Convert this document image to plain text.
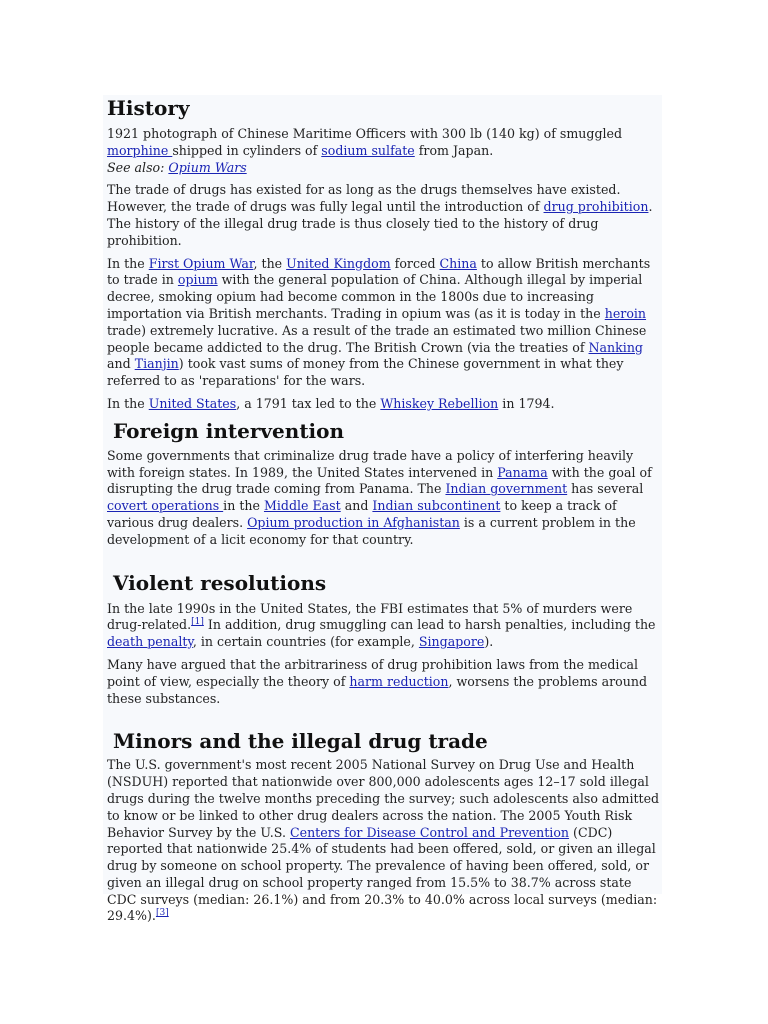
History

1921 photograph of Chinese Maritime Officers with 300 lb (140 kg) of smuggled morphine shipped in cylinders of sodium sulfate from Japan.

See also: Opium Wars

The trade of drugs has existed for as long as the drugs themselves have existed. However, the trade of drugs was fully legal until the introduction of drug prohibition. The history of the illegal drug trade is thus closely tied to the history of drug prohibition.

In the First Opium War, the United Kingdom forced China to allow British merchants to trade in opium with the general population of China. Although illegal by imperial decree, smoking opium had become common in the 1800s due to increasing importation via British merchants. Trading in opium was (as it is today in the heroin trade) extremely lucrative. As a result of the trade an estimated two million Chinese people became addicted to the drug. The British Crown (via the treaties of Nanking and Tianjin) took vast sums of money from the Chinese government in what they referred to as 'reparations' for the wars.

In the United States, a 1791 tax led to the Whiskey Rebellion in 1794.

Foreign intervention

Some governments that criminalize drug trade have a policy of interfering heavily with foreign states. In 1989, the United States intervened in Panama with the goal of disrupting the drug trade coming from Panama. The Indian government has several covert operations in the Middle East and Indian subcontinent to keep a track of various drug dealers. Opium production in Afghanistan is a current problem in the development of a licit economy for that country.

Violent resolutions

In the late 1990s in the United States, the FBI estimates that 5% of murders were drug-related.[1] In addition, drug smuggling can lead to harsh penalties, including the death penalty, in certain countries (for example, Singapore).

Many have argued that the arbitrariness of drug prohibition laws from the medical point of view, especially the theory of harm reduction, worsens the problems around these substances.

Minors and the illegal drug trade

The U.S. government's most recent 2005 National Survey on Drug Use and Health (NSDUH) reported that nationwide over 800,000 adolescents ages 12–17 sold illegal drugs during the twelve months preceding the survey; such adolescents also admitted to know or be linked to other drug dealers across the nation. The 2005 Youth Risk Behavior Survey by the U.S. Centers for Disease Control and Prevention (CDC) reported that nationwide 25.4% of students had been offered, sold, or given an illegal drug by someone on school property. The prevalence of having been offered, sold, or given an illegal drug on school property ranged from 15.5% to 38.7% across state CDC surveys (median: 26.1%) and from 20.3% to 40.0% across local surveys (median: 29.4%).[3]
